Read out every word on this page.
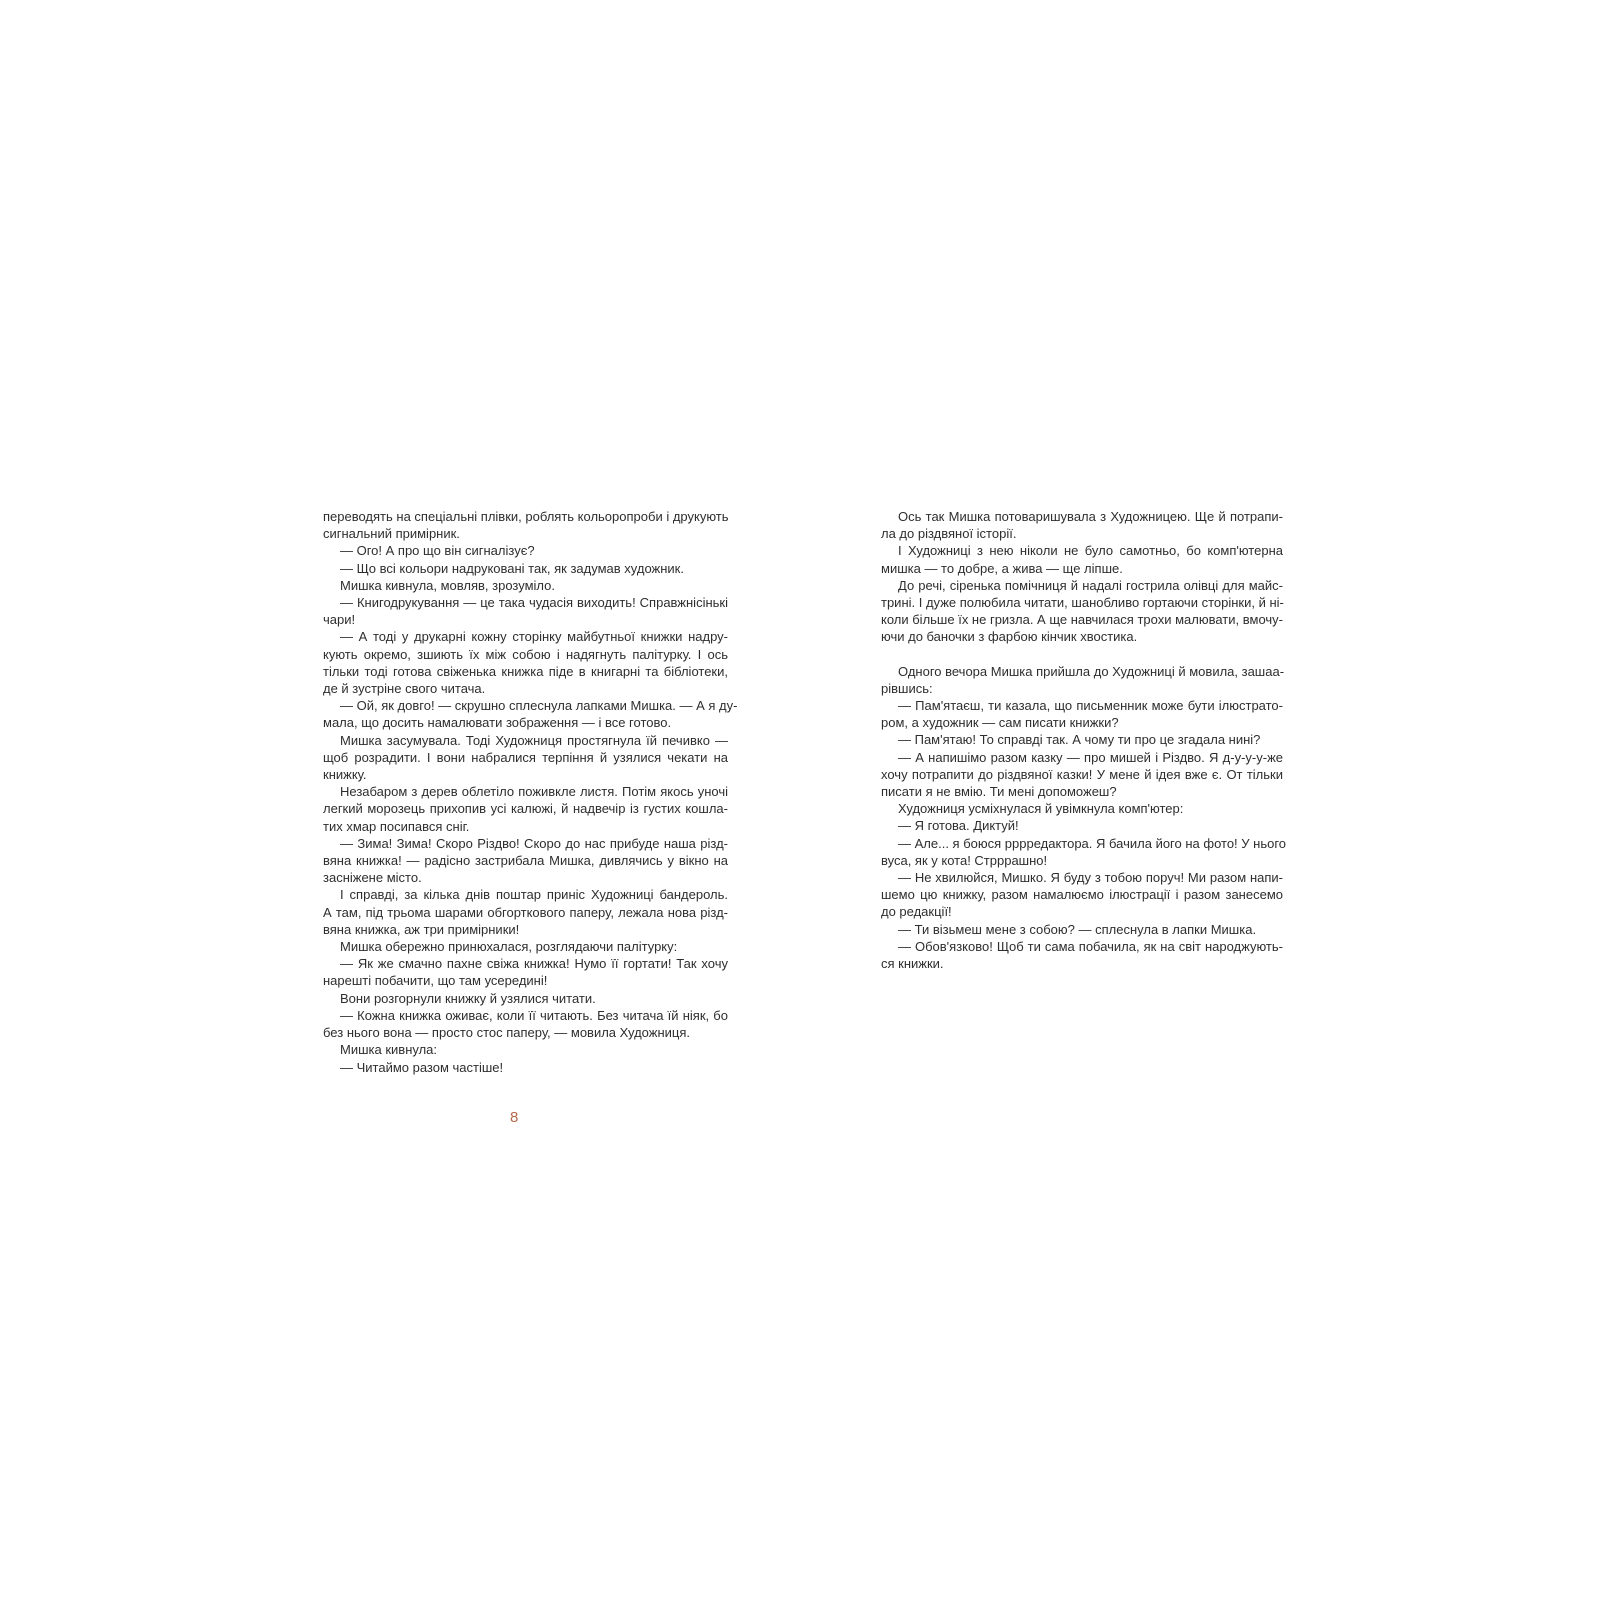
переводять на спеціальні плівки, роблять кольоропроби і друкують
сигнальний примірник.
— Ого! А про що він сигналізує?
— Що всі кольори надруковані так, як задумав художник.
Мишка кивнула, мовляв, зрозуміло.
— Книгодрукування — це така чудасія виходить! Справжнісінькі
чари!
— А тоді у друкарні кожну сторінку майбутньої книжки надру-
кують окремо, зшиють їх між собою і надягнуть палітурку. І ось
тільки тоді готова свіженька книжка піде в книгарні та бібліотеки,
де й зустріне свого читача.
— Ой, як довго! — скрушно сплеснула лапками Мишка. — А я ду-
мала, що досить намалювати зображення — і все готово.
Мишка засумувала. Тоді Художниця простягнула їй печивко —
щоб розрадити. І вони набралися терпіння й узялися чекати на
книжку.
Незабаром з дерев облетіло поживкле листя. Потім якось уночі
легкий морозець прихопив усі калюжі, й надвечір із густих кошла-
тих хмар посипався сніг.
— Зима! Зима! Скоро Різдво! Скоро до нас прибуде наша різд-
вяна книжка! — радісно застрибала Мишка, дивлячись у вікно на
засніжене місто.
І справді, за кілька днів поштар приніс Художниці бандероль.
А там, під трьома шарами обгорткового паперу, лежала нова різд-
вяна книжка, аж три примірники!
Мишка обережно принюхалася, розглядаючи палітурку:
— Як же смачно пахне свіжа книжка! Нумо її гортати! Так хочу
нарешті побачити, що там усередині!
Вони розгорнули книжку й узялися читати.
— Кожна книжка оживає, коли її читають. Без читача їй ніяк, бо
без нього вона — просто стос паперу, — мовила Художниця.
Мишка кивнула:
— Читаймо разом частіше!
8
Ось так Мишка потоваришувала з Художницею. Ще й потрапи-
ла до різдвяної історії.
І Художниці з нею ніколи не було самотньо, бо комп'ютерна
мишка — то добре, а жива — ще ліпше.
До речі, сіренька помічниця й надалі гострила олівці для майс-
трині. І дуже полюбила читати, шанобливо гортаючи сторінки, й ні-
коли більше їх не гризла. А ще навчилася трохи малювати, вмочу-
ючи до баночки з фарбою кінчик хвостика.
Одного вечора Мишка прийшла до Художниці й мовила, зашаа-
рівшись:
— Пам'ятаєш, ти казала, що письменник може бути ілюстрато-
ром, а художник — сам писати книжки?
— Пам'ятаю! То справді так. А чому ти про це згадала нині?
— А напишімо разом казку — про мишей і Різдво. Я д-у-у-у-же
хочу потрапити до різдвяної казки! У мене й ідея вже є. От тільки
писати я не вмію. Ти мені допоможеш?
Художниця усміхнулася й увімкнула комп'ютер:
— Я готова. Диктуй!
— Але... я боюся рррредактора. Я бачила його на фото! У нього
вуса, як у кота! Стрррашно!
— Не хвилюйся, Мишко. Я буду з тобою поруч! Ми разом напи-
шемо цю книжку, разом намалюємо ілюстрації і разом занесемо
до редакції!
— Ти візьмеш мене з собою? — сплеснула в лапки Мишка.
— Обов'язково! Щоб ти сама побачила, як на світ народжують-
ся книжки.
